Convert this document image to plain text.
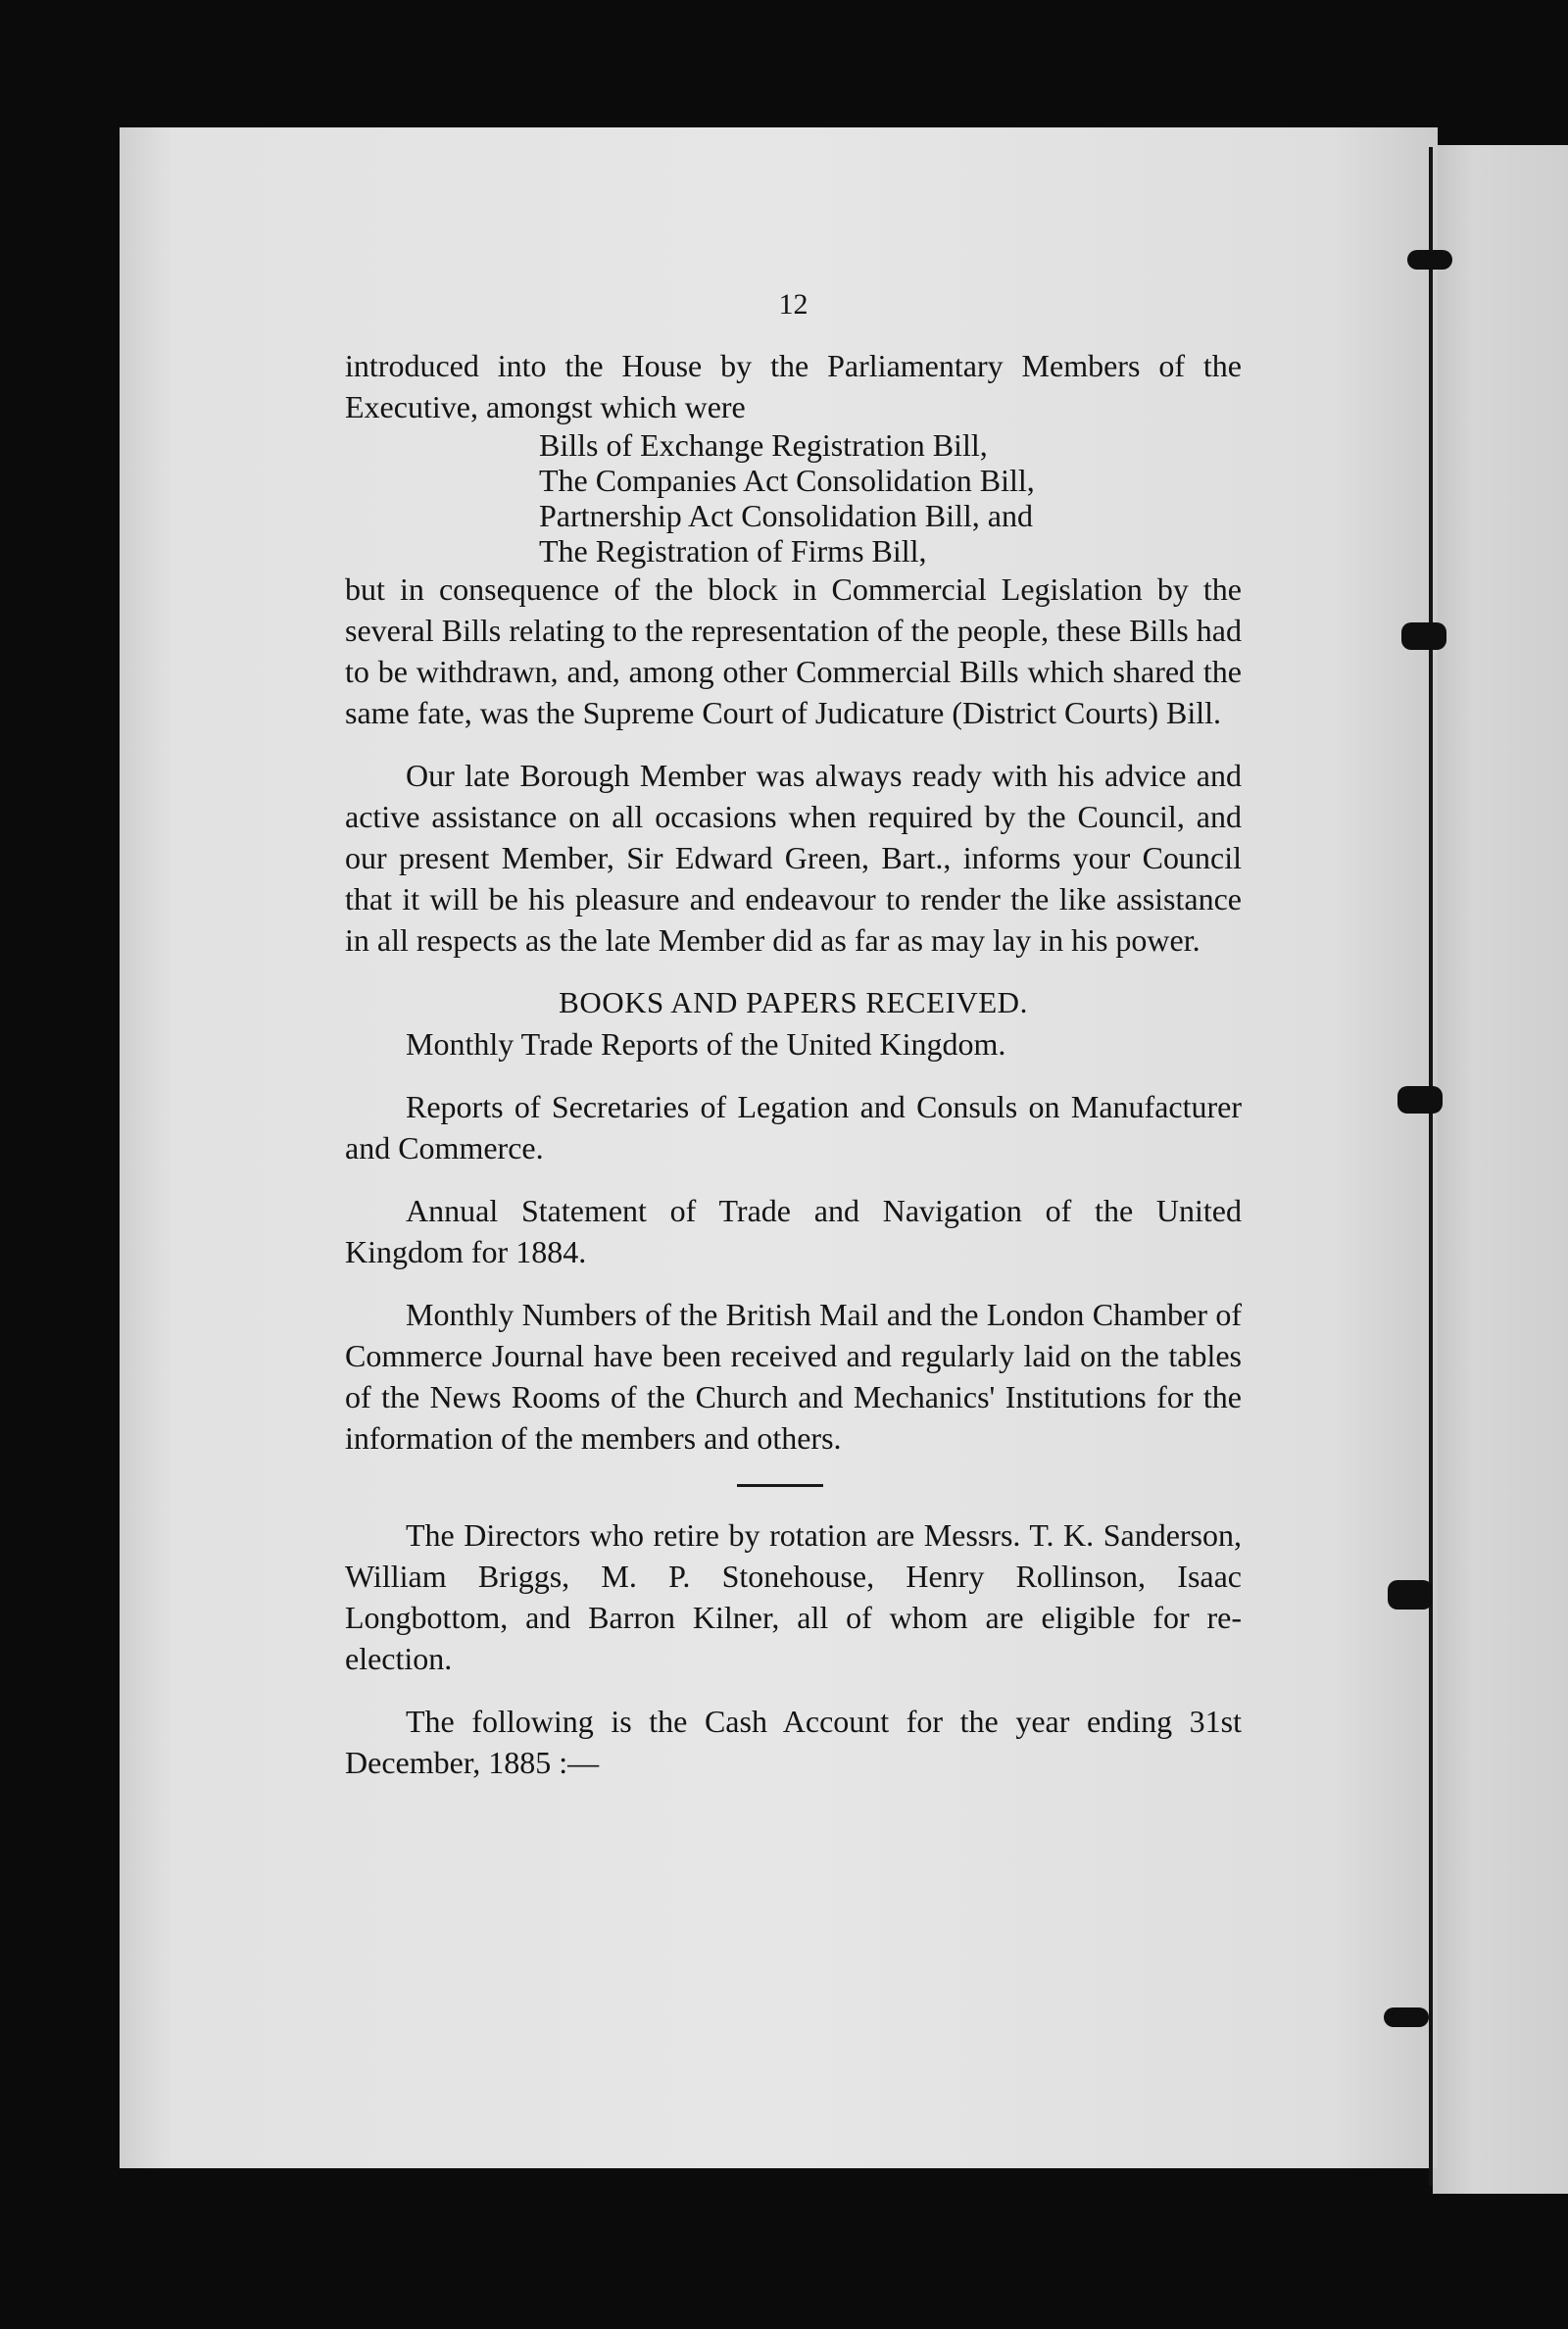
12

introduced into the House by the Parliamentary Members of the Executive, amongst which were

Bills of Exchange Registration Bill,
The Companies Act Consolidation Bill,
Partnership Act Consolidation Bill, and
The Registration of Firms Bill,

but in consequence of the block in Commercial Legislation by the several Bills relating to the representation of the people, these Bills had to be withdrawn, and, among other Commercial Bills which shared the same fate, was the Supreme Court of Judicature (District Courts) Bill.

Our late Borough Member was always ready with his advice and active assistance on all occasions when required by the Council, and our present Member, Sir Edward Green, Bart., informs your Council that it will be his pleasure and endeavour to render the like assistance in all respects as the late Member did as far as may lay in his power.

BOOKS AND PAPERS RECEIVED.

Monthly Trade Reports of the United Kingdom.

Reports of Secretaries of Legation and Consuls on Manufacturer and Commerce.

Annual Statement of Trade and Navigation of the United Kingdom for 1884.

Monthly Numbers of the British Mail and the London Chamber of Commerce Journal have been received and regularly laid on the tables of the News Rooms of the Church and Mechanics' Institutions for the information of the members and others.

The Directors who retire by rotation are Messrs. T. K. Sanderson, William Briggs, M. P. Stonehouse, Henry Rollinson, Isaac Longbottom, and Barron Kilner, all of whom are eligible for re-election.

The following is the Cash Account for the year ending 31st December, 1885 :—
